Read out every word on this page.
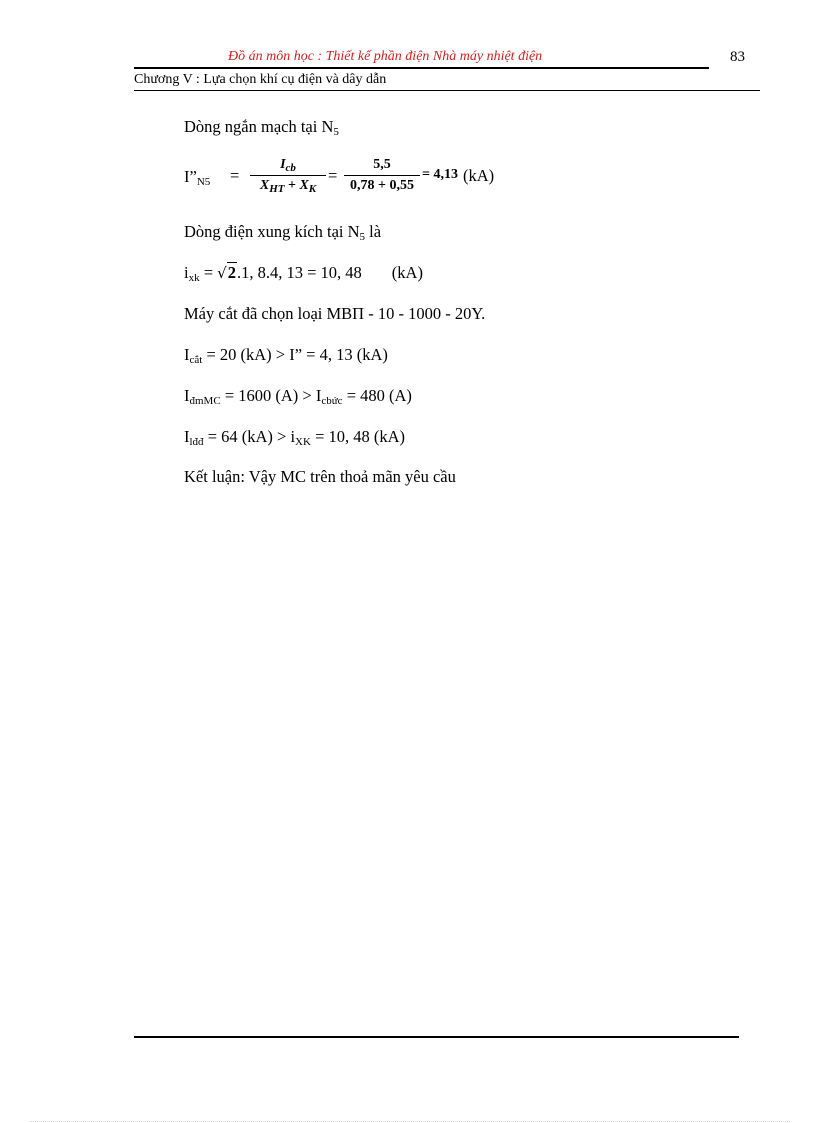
Đồ án môn học : Thiết kế phần điện Nhà máy nhiệt điện	83
Chương V : Lựa chọn khí cụ điện và dây dẫn
Dòng ngắn mạch tại $N_5$
$I”_{N5}$ =
$I_{cb}$
$X_{HT} + X_K$
=
5,5
0,78 + 0,55
= 4,13 (kA)
Dòng điện xung kích tại $N_5$ là
$i_{xk} = √2.1$, 8.4, 13 = 10, 48 (kA)
Máy cắt đã chọn loại MBП - 10 - 1000 - 20Y.
$I_{cắt} = 20$ (kA) > I” = 4, 13 (kA)
$I_{đmMC} = 1600$ $(A) > I_{cbức} = 480$ (A)
$I_{lđđ} = 64$ $(kA) > i_{XK} = 10$, 48 (kA)
Kết luận: Vậy MC trên thoả mãn yêu cầu
